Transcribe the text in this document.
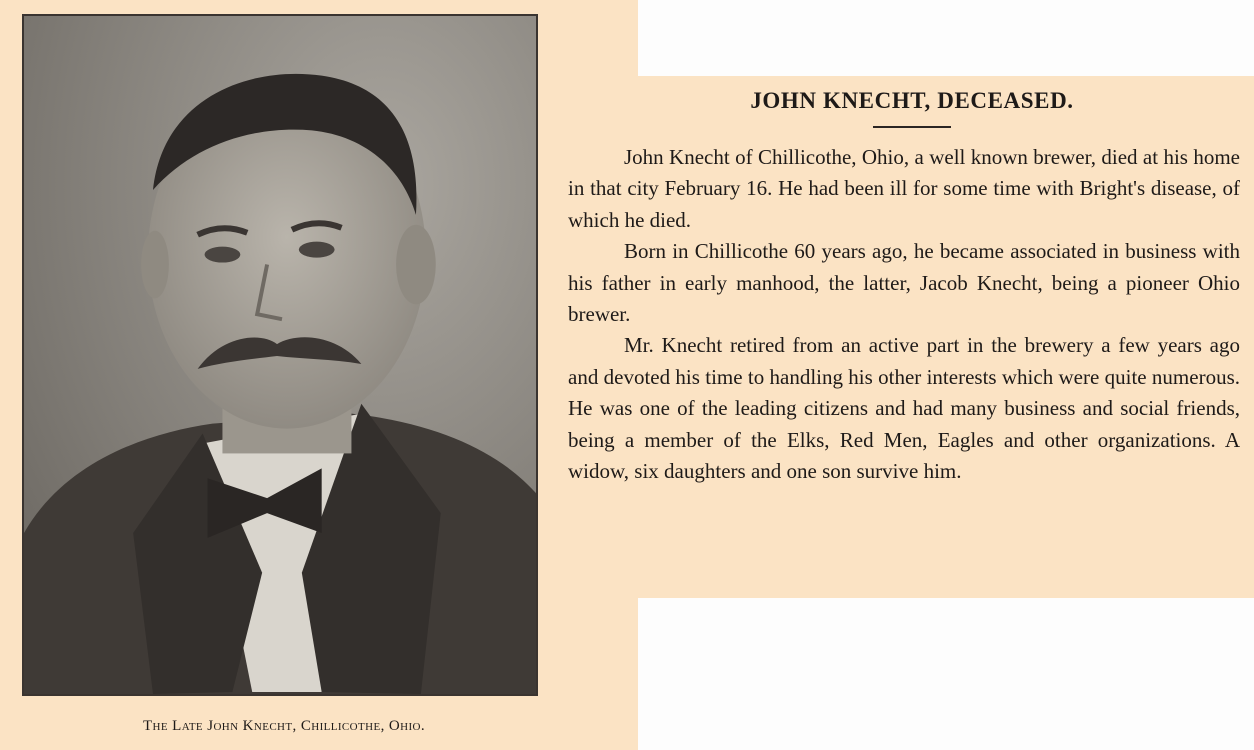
The Late John Knecht, Chillicothe, Ohio.
JOHN KNECHT, DECEASED.

John Knecht of Chillicothe, Ohio, a well known brewer, died at his home in that city February 16. He had been ill for some time with Bright's disease, of which he died.

Born in Chillicothe 60 years ago, he became associated in business with his father in early manhood, the latter, Jacob Knecht, being a pioneer Ohio brewer.

Mr. Knecht retired from an active part in the brewery a few years ago and devoted his time to handling his other interests which were quite numerous. He was one of the leading citizens and had many business and social friends, being a member of the Elks, Red Men, Eagles and other organizations. A widow, six daughters and one son survive him.
